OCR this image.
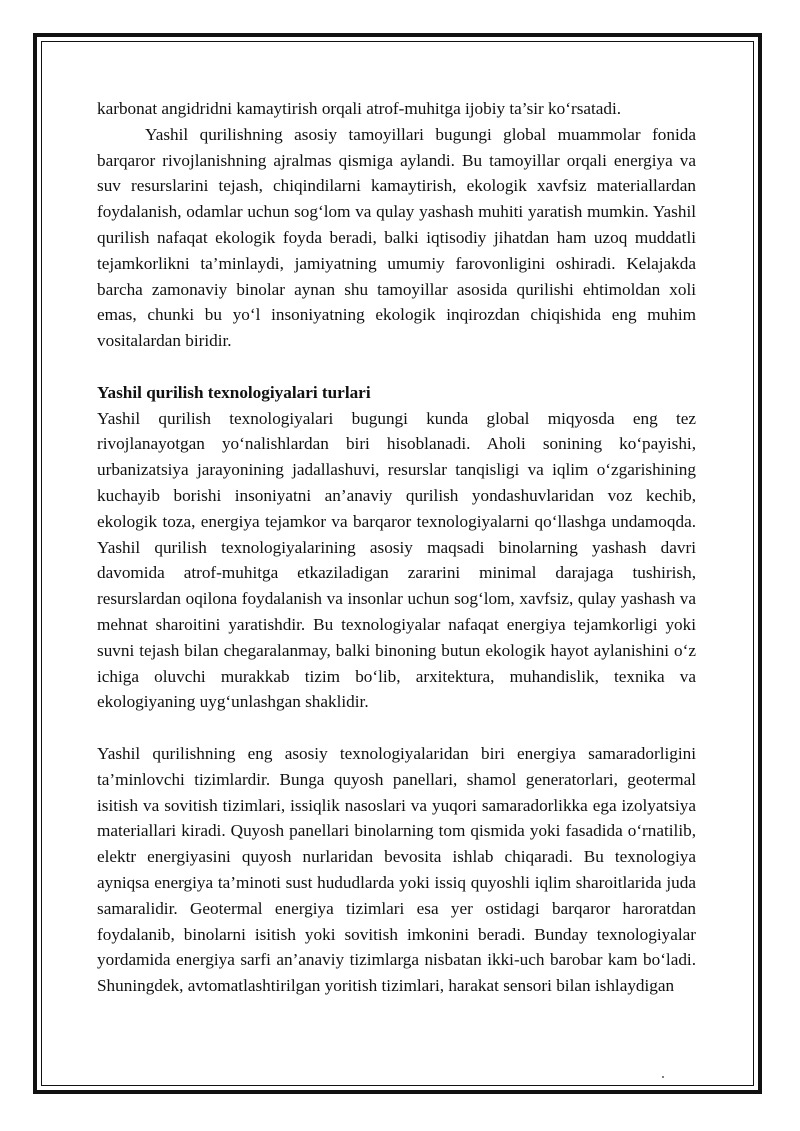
karbonat angidridni kamaytirish orqali atrof-muhitga ijobiy ta’sir ko‘rsatadi.

Yashil qurilishning asosiy tamoyillari bugungi global muammolar fonida barqaror rivojlanishning ajralmas qismiga aylandi. Bu tamoyillar orqali energiya va suv resurslarini tejash, chiqindilarni kamaytirish, ekologik xavfsiz materiallardan foydalanish, odamlar uchun sog‘lom va qulay yashash muhiti yaratish mumkin. Yashil qurilish nafaqat ekologik foyda beradi, balki iqtisodiy jihatdan ham uzoq muddatli tejamkorlikni ta’minlaydi, jamiyatning umumiy farovonligini oshiradi. Kelajakda barcha zamonaviy binolar aynan shu tamoyillar asosida qurilishi ehtimoldan xoli emas, chunki bu yo‘l insoniyatning ekologik inqirozdan chiqishida eng muhim vositalardan biridir.

Yashil qurilish texnologiyalari turlari

Yashil qurilish texnologiyalari bugungi kunda global miqyosda eng tez rivojlanayotgan yo‘nalishlardan biri hisoblanadi. Aholi sonining ko‘payishi, urbanizatsiya jarayonining jadallashuvi, resurslar tanqisligi va iqlim o‘zgarishining kuchayib borishi insoniyatni an’anaviy qurilish yondashuvlaridan voz kechib, ekologik toza, energiya tejamkor va barqaror texnologiyalarni qo‘llashga undamoqda. Yashil qurilish texnologiyalarining asosiy maqsadi binolarning yashash davri davomida atrof-muhitga etkaziladigan zararini minimal darajaga tushirish, resurslardan oqilona foydalanish va insonlar uchun sog‘lom, xavfsiz, qulay yashash va mehnat sharoitini yaratishdir. Bu texnologiyalar nafaqat energiya tejamkorligi yoki suvni tejash bilan chegaralanmay, balki binoning butun ekologik hayot aylanishini o‘z ichiga oluvchi murakkab tizim bo‘lib, arxitektura, muhandislik, texnika va ekologiyaning uyg‘unlashgan shaklidir.

Yashil qurilishning eng asosiy texnologiyalaridan biri energiya samaradorligini ta’minlovchi tizimlardir. Bunga quyosh panellari, shamol generatorlari, geotermal isitish va sovitish tizimlari, issiqlik nasoslari va yuqori samaradorlikka ega izolyatsiya materiallari kiradi. Quyosh panellari binolarning tom qismida yoki fasadida o‘rnatilib, elektr energiyasini quyosh nurlaridan bevosita ishlab chiqaradi. Bu texnologiya ayniqsa energiya ta’minoti sust hududlarda yoki issiq quyoshli iqlim sharoitlarida juda samaralidir. Geotermal energiya tizimlari esa yer ostidagi barqaror haroratdan foydalanib, binolarni isitish yoki sovitish imkonini beradi. Bunday texnologiyalar yordamida energiya sarfi an’anaviy tizimlarga nisbatan ikki-uch barobar kam bo‘ladi. Shuningdek, avtomatlashtirilgan yoritish tizimlari, harakat sensori bilan ishlaydigan
